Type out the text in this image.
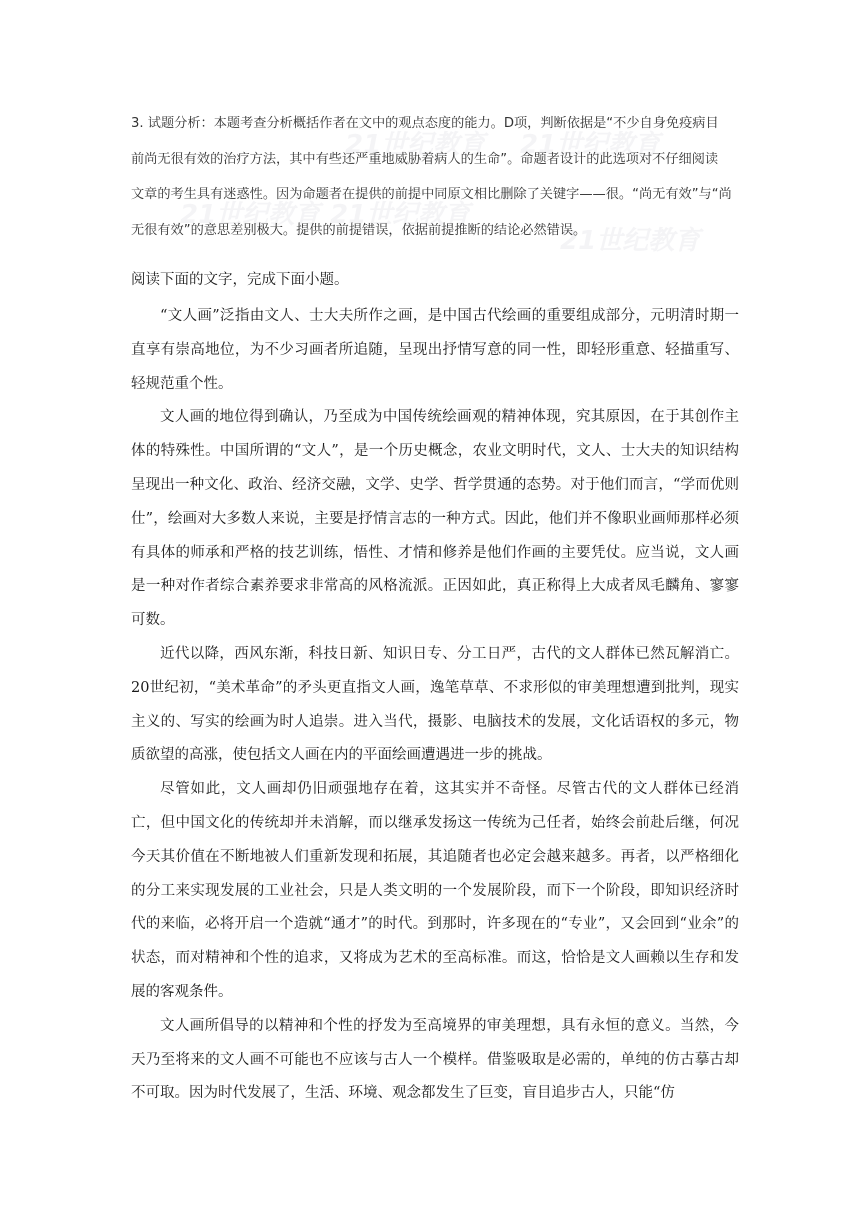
21世纪教育 21世纪教育
21世纪教育 21世纪教育
21世纪教育

3. 试题分析：本题考查分析概括作者在文中的观点态度的能力。D项，判断依据是“不少自身免疫病目

前尚无很有效的治疗方法，其中有些还严重地威胁着病人的生命”。命题者设计的此选项对不仔细阅读

文章的考生具有迷惑性。因为命题者在提供的前提中同原文相比删除了关键字——很。“尚无有效”与“尚

无很有效”的意思差别极大。提供的前提错误，依据前提推断的结论必然错误。

阅读下面的文字，完成下面小题。

“文人画”泛指由文人、士大夫所作之画，是中国古代绘画的重要组成部分，元明清时期一直享有崇高地位，为不少习画者所追随，呈现出抒情写意的同一性，即轻形重意、轻描重写、轻规范重个性。

文人画的地位得到确认，乃至成为中国传统绘画观的精神体现，究其原因，在于其创作主体的特殊性。中国所谓的“文人”，是一个历史概念，农业文明时代，文人、士大夫的知识结构呈现出一种文化、政治、经济交融，文学、史学、哲学贯通的态势。对于他们而言，“学而优则仕”，绘画对大多数人来说，主要是抒情言志的一种方式。因此，他们并不像职业画师那样必须有具体的师承和严格的技艺训练，悟性、才情和修养是他们作画的主要凭仗。应当说，文人画是一种对作者综合素养要求非常高的风格流派。正因如此，真正称得上大成者凤毛麟角、寥寥可数。

近代以降，西风东渐，科技日新、知识日专、分工日严，古代的文人群体已然瓦解消亡。20世纪初，“美术革命”的矛头更直指文人画，逸笔草草、不求形似的审美理想遭到批判，现实主义的、写实的绘画为时人追崇。进入当代，摄影、电脑技术的发展，文化话语权的多元，物质欲望的高涨，使包括文人画在内的平面绘画遭遇进一步的挑战。

尽管如此，文人画却仍旧顽强地存在着，这其实并不奇怪。尽管古代的文人群体已经消亡，但中国文化的传统却并未消解，而以继承发扬这一传统为己任者，始终会前赴后继，何况今天其价值在不断地被人们重新发现和拓展，其追随者也必定会越来越多。再者，以严格细化的分工来实现发展的工业社会，只是人类文明的一个发展阶段，而下一个阶段，即知识经济时代的来临，必将开启一个造就“通才”的时代。到那时，许多现在的“专业”，又会回到“业余”的状态，而对精神和个性的追求，又将成为艺术的至高标准。而这，恰恰是文人画赖以生存和发展的客观条件。

文人画所倡导的以精神和个性的抒发为至高境界的审美理想，具有永恒的意义。当然，今天乃至将来的文人画不可能也不应该与古人一个模样。借鉴吸取是必需的，单纯的仿古摹古却不可取。因为时代发展了，生活、环境、观念都发生了巨变，盲目追步古人，只能“仿
